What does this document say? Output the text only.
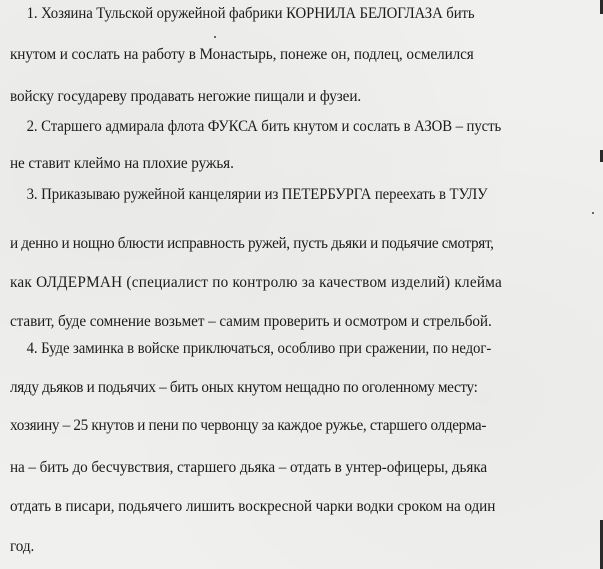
1. Хозяина Тульской оружейной фабрики КОРНИЛА БЕЛОГЛАЗА бить
кнутом и сослать на работу в Монастырь, понеже он, подлец, осмелился
войску государеву продавать негожие пищали и фузеи.
2. Старшего адмирала флота ФУКСА бить кнутом и сослать в АЗОВ – пусть
не ставит клеймо на плохие ружья.
3. Приказываю ружейной канцелярии из ПЕТЕРБУРГА переехать в ТУЛУ
и денно и нощно блюсти исправность ружей, пусть дьяки и подьячие смотрят,
как ОЛДЕРМАН (специалист по контролю за качеством изделий) клейма
ставит, буде сомнение возьмет – самим проверить и осмотром и стрельбой.
4. Буде заминка в войске приключаться, особливо при сражении, по недог-
ляду дьяков и подьячих – бить оных кнутом нещадно по оголенному месту:
хозяину – 25 кнутов и пени по червонцу за каждое ружье, старшего олдерма-
на – бить до бесчувствия, старшего дьяка – отдать в унтер-офицеры, дьяка
отдать в писари, подьячего лишить воскресной чарки водки сроком на один
год.
